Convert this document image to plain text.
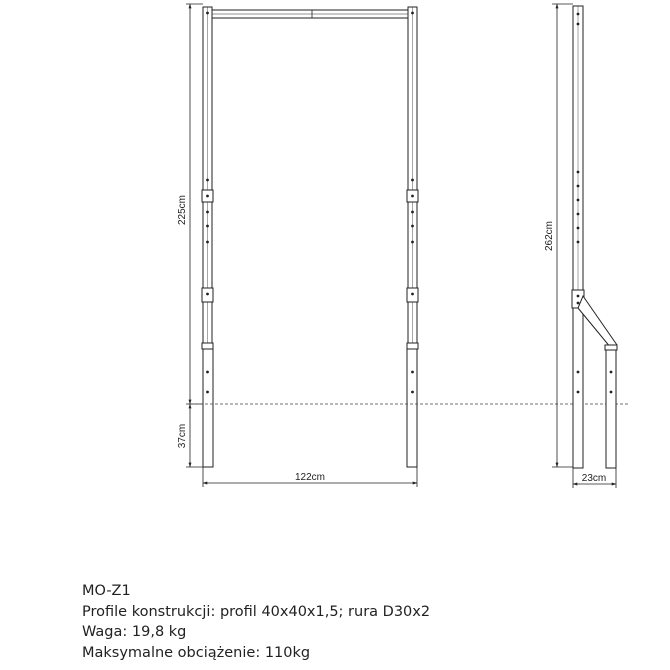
225cm
37cm
122cm
262cm
23cm
MO-Z1
Profile konstrukcji: profil 40x40x1,5; rura D30x2
Waga: 19,8 kg
Maksymalne obciążenie: 110kg
